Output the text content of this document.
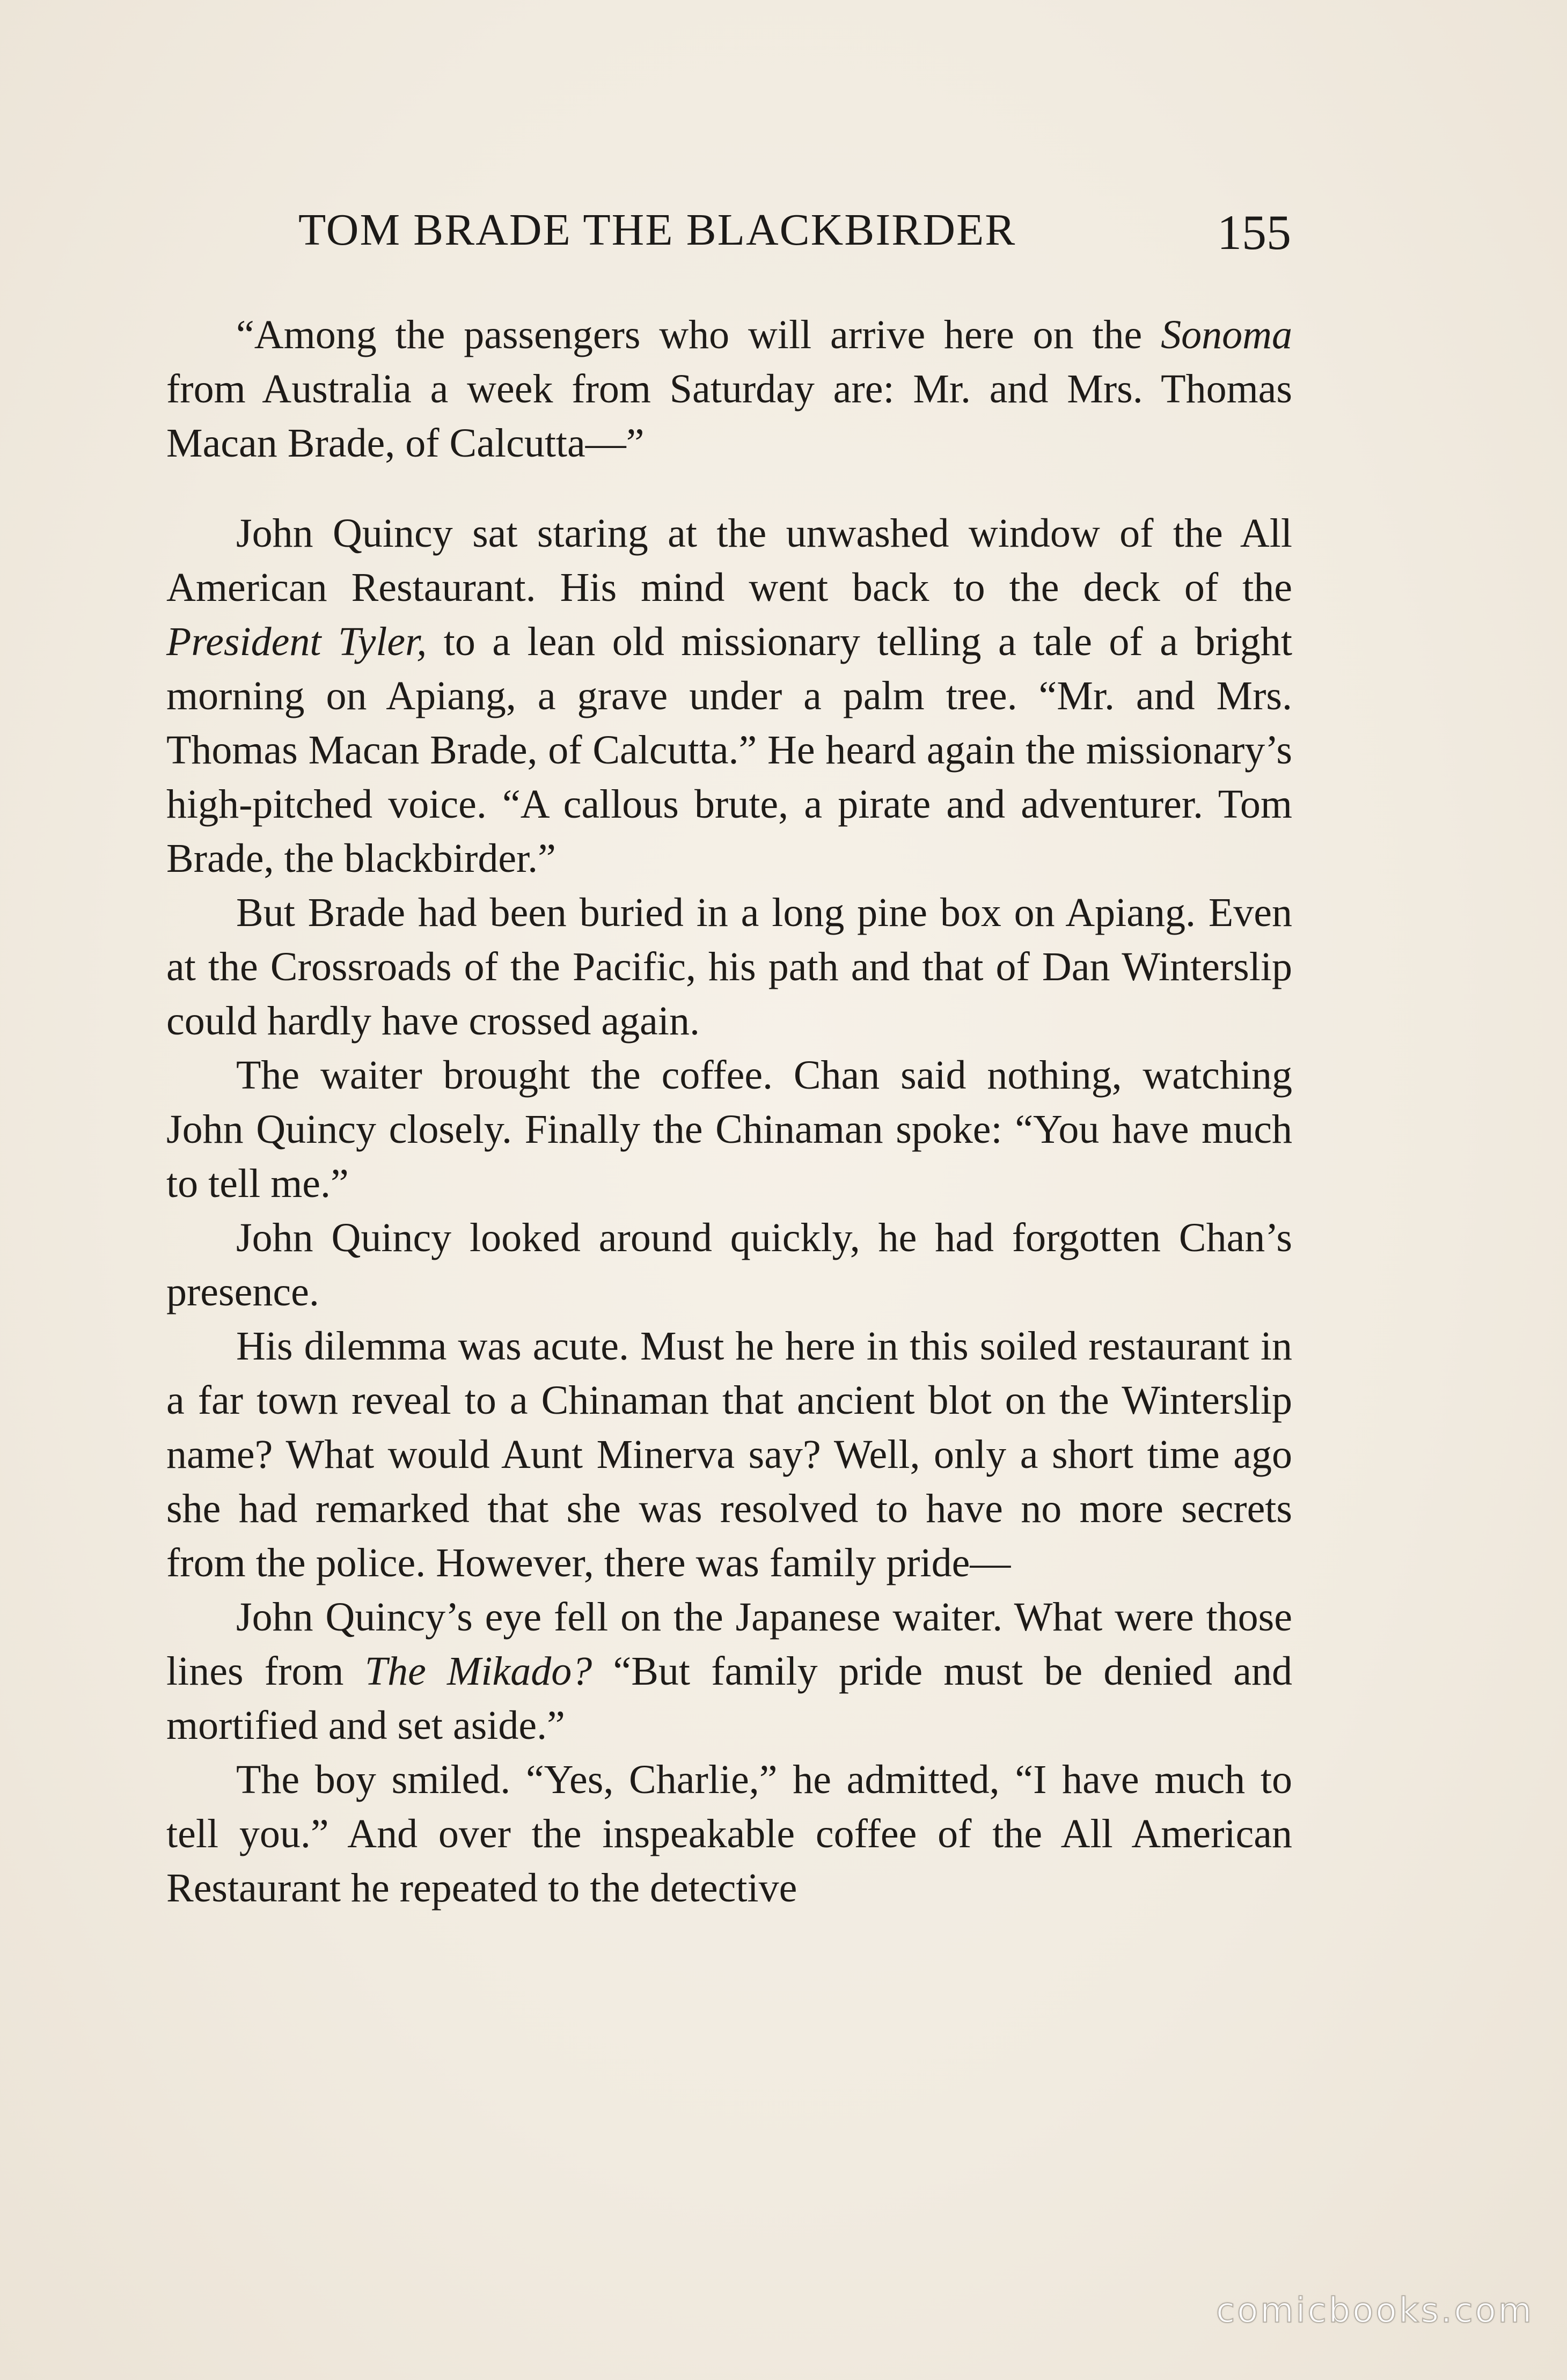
TOM BRADE THE BLACKBIRDER	155

“Among the passengers who will arrive here on the Sonoma from Australia a week from Saturday are: Mr. and Mrs. Thomas Macan Brade, of Calcutta—”

John Quincy sat staring at the unwashed window of the All American Restaurant. His mind went back to the deck of the President Tyler, to a lean old missionary telling a tale of a bright morning on Apiang, a grave under a palm tree. “Mr. and Mrs. Thomas Macan Brade, of Calcutta.” He heard again the missionary’s high-pitched voice. “A callous brute, a pirate and adventurer. Tom Brade, the blackbirder.”

But Brade had been buried in a long pine box on Apiang. Even at the Crossroads of the Pacific, his path and that of Dan Winterslip could hardly have crossed again.

The waiter brought the coffee. Chan said nothing, watching John Quincy closely. Finally the Chinaman spoke: “You have much to tell me.”

John Quincy looked around quickly, he had forgotten Chan’s presence.

His dilemma was acute. Must he here in this soiled restaurant in a far town reveal to a Chinaman that ancient blot on the Winterslip name? What would Aunt Minerva say? Well, only a short time ago she had remarked that she was resolved to have no more secrets from the police. However, there was family pride—

John Quincy’s eye fell on the Japanese waiter. What were those lines from The Mikado? “But family pride must be denied and mortified and set aside.”

The boy smiled. “Yes, Charlie,” he admitted, “I have much to tell you.” And over the inspeakable coffee of the All American Restaurant he repeated to the detective

comicbooks.com
